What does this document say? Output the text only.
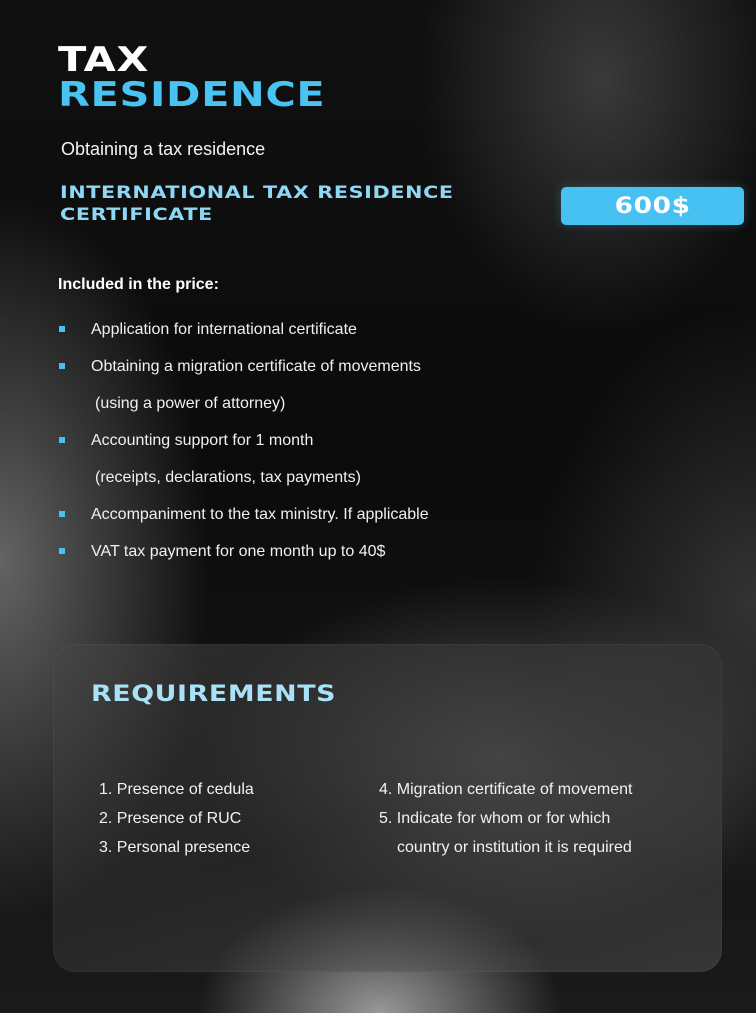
TAX
RESIDENCE
Obtaining a tax residence
INTERNATIONAL TAX RESIDENCE CERTIFICATE	600$
Included in the price:
Application for international certificate
Obtaining a migration certificate of movements
(using a power of attorney)
Accounting support for 1 month
(receipts, declarations, tax payments)
Accompaniment to the tax ministry. If applicable
VAT tax payment for one month up to 40$
REQUIREMENTS
1. Presence of cedula
2. Presence of RUC
3. Personal presence
4. Migration certificate of movement
5. Indicate for whom or for which
country or institution it is required
